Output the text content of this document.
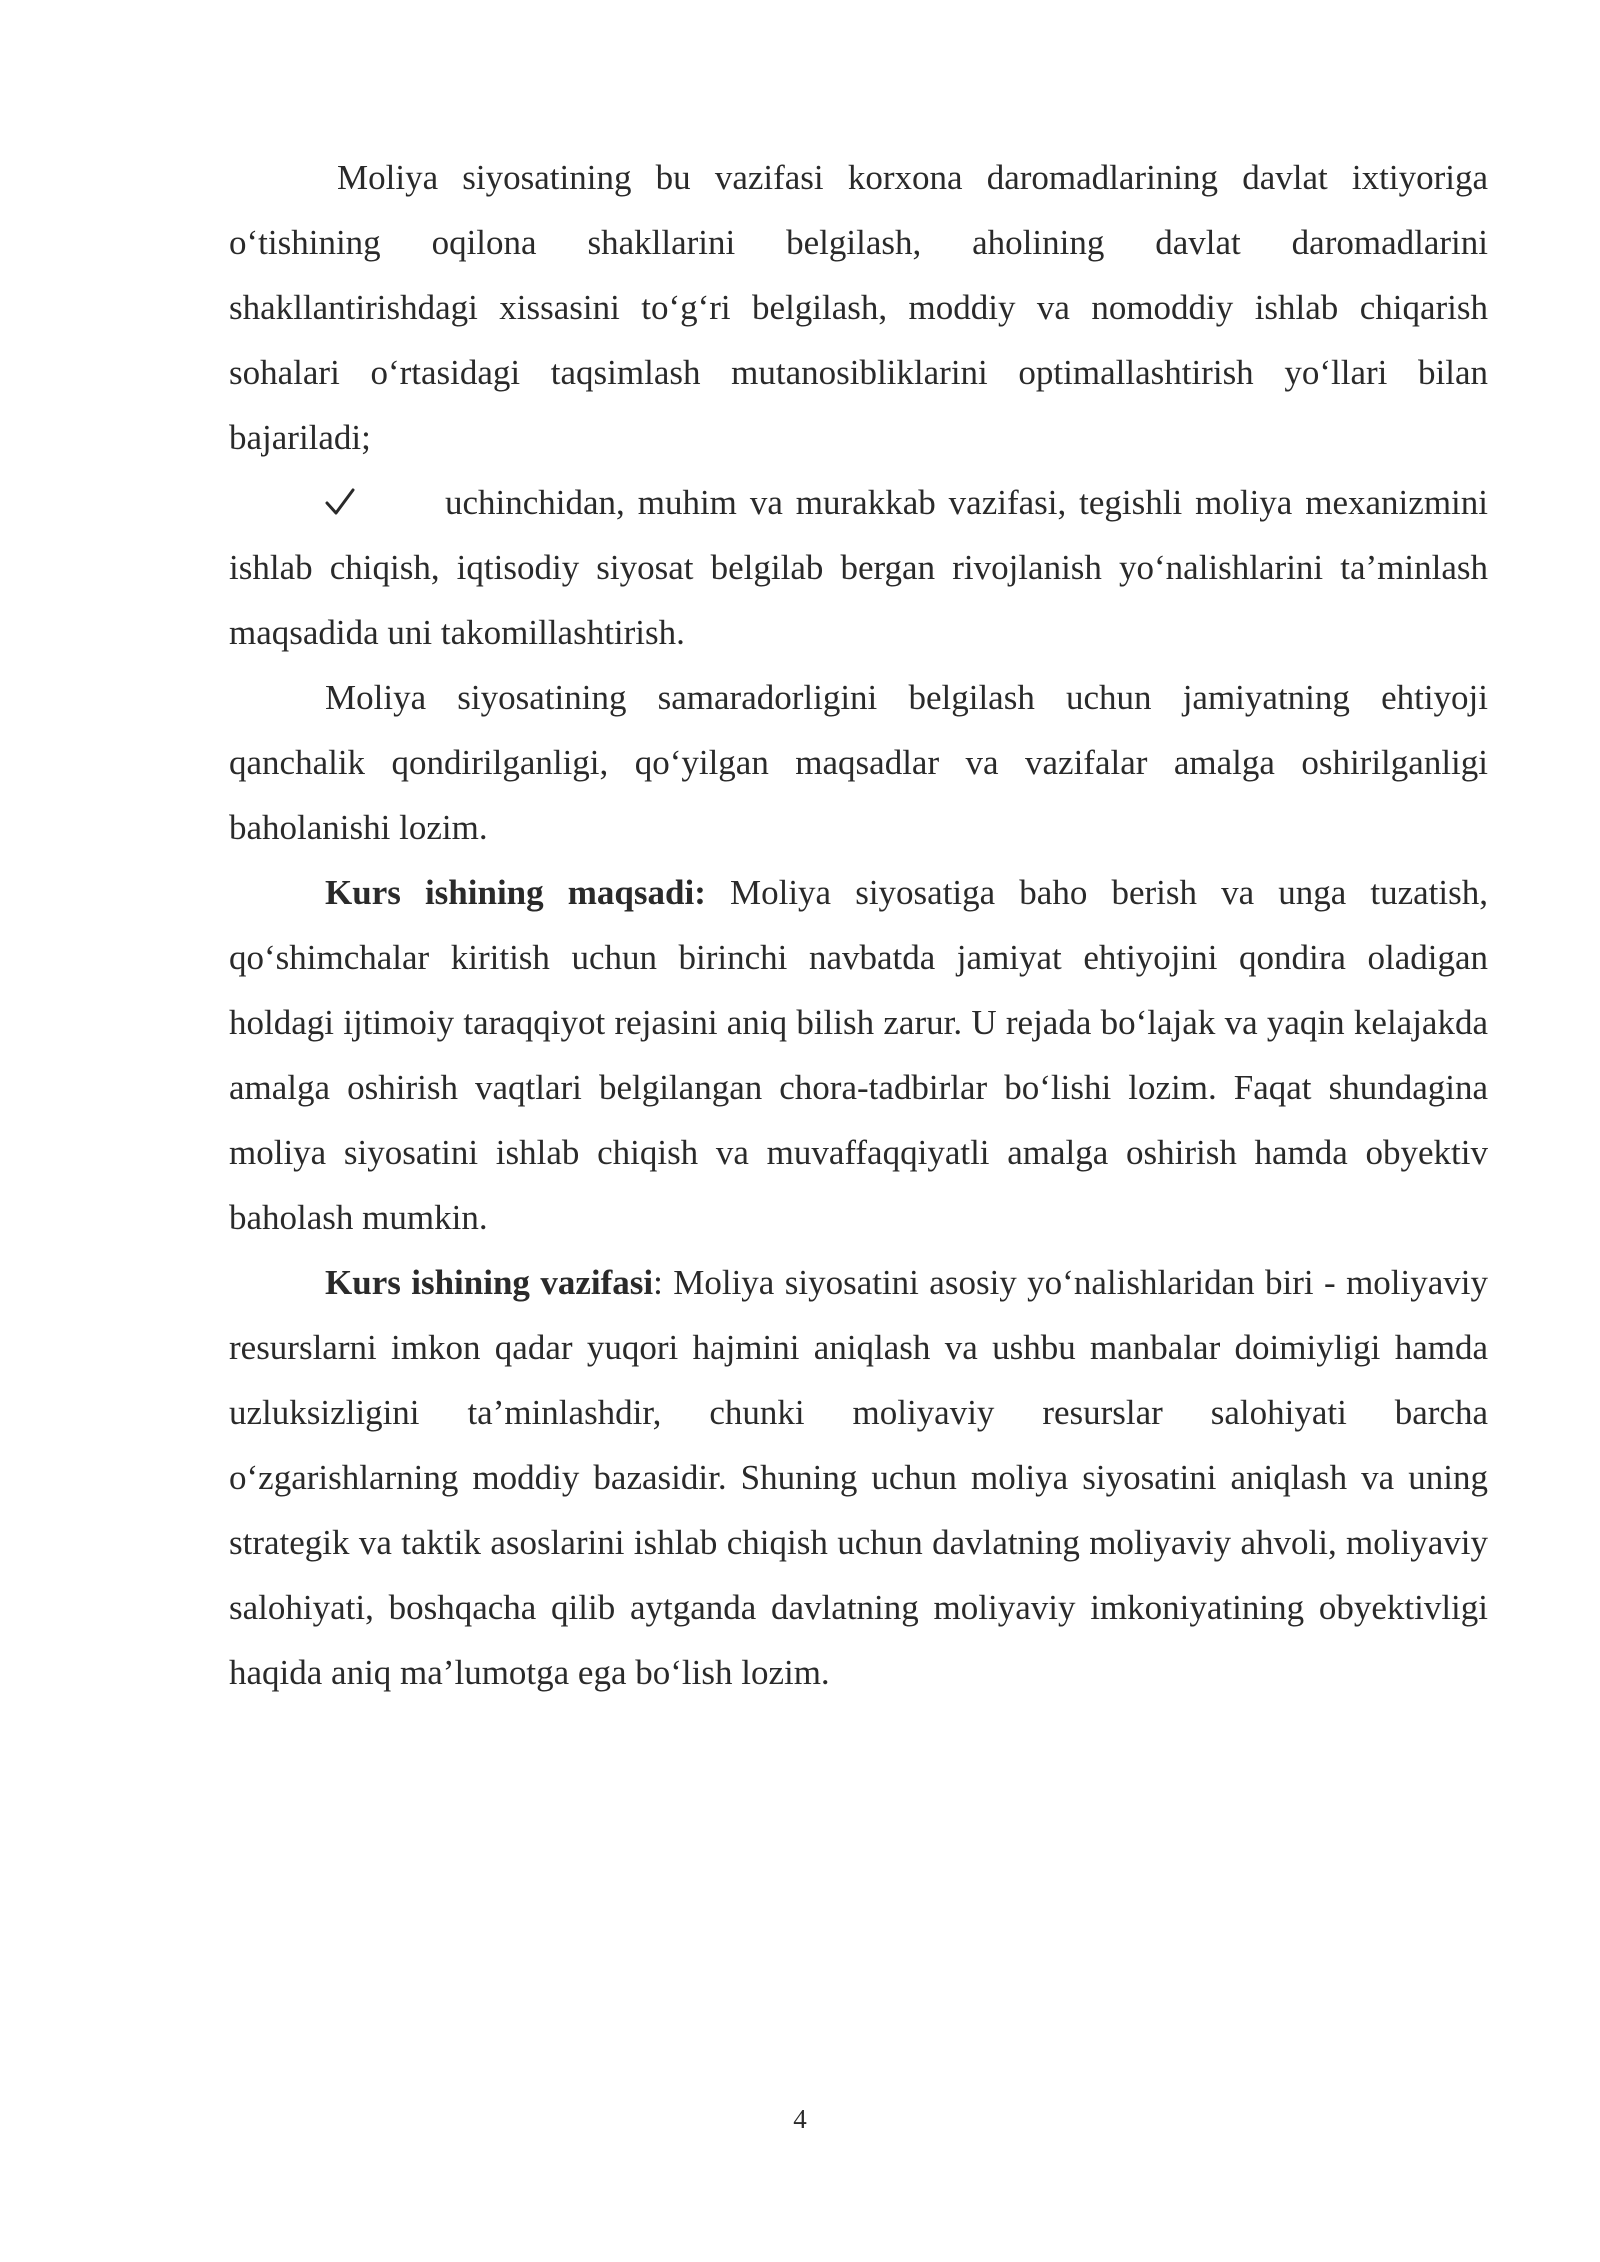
Moliya siyosatining bu vazifasi korxona daromadlarining davlat ixtiyoriga o‘tishining oqilona shakllarini belgilash, aholining davlat daromadlarini shakllantirishdagi xissasini to‘g‘ri belgilash, moddiy va nomoddiy ishlab chiqarish sohalari o‘rtasidagi taqsimlash mutanosibliklarini optimallashtirish yo‘llari bilan bajariladi;

uchinchidan, muhim va murakkab vazifasi, tegishli moliya mexanizmini ishlab chiqish, iqtisodiy siyosat belgilab bergan rivojlanish yo‘nalishlarini ta’minlash maqsadida uni takomillashtirish.

Moliya siyosatining samaradorligini belgilash uchun jamiyatning ehtiyoji qanchalik qondirilganligi, qo‘yilgan maqsadlar va vazifalar amalga oshirilganligi baholanishi lozim.

Kurs ishining maqsadi: Moliya siyosatiga baho berish va unga tuzatish, qo‘shimchalar kiritish uchun birinchi navbatda jamiyat ehtiyojini qondira oladigan holdagi ijtimoiy taraqqiyot rejasini aniq bilish zarur. U rejada bo‘lajak va yaqin kelajakda amalga oshirish vaqtlari belgilangan chora-tadbirlar bo‘lishi lozim. Faqat shundagina moliya siyosatini ishlab chiqish va muvaffaqqiyatli amalga oshirish hamda obyektiv baholash mumkin.

Kurs ishining vazifasi: Moliya siyosatini asosiy yo‘nalishlaridan biri - moliyaviy resurslarni imkon qadar yuqori hajmini aniqlash va ushbu manbalar doimiyligi hamda uzluksizligini ta’minlashdir, chunki moliyaviy resurslar salohiyati barcha o‘zgarishlarning moddiy bazasidir. Shuning uchun moliya siyosatini aniqlash va uning strategik va taktik asoslarini ishlab chiqish uchun davlatning moliyaviy ahvoli, moliyaviy salohiyati, boshqacha qilib aytganda davlatning moliyaviy imkoniyatining obyektivligi haqida aniq ma’lumotga ega bo‘lish lozim.

4
